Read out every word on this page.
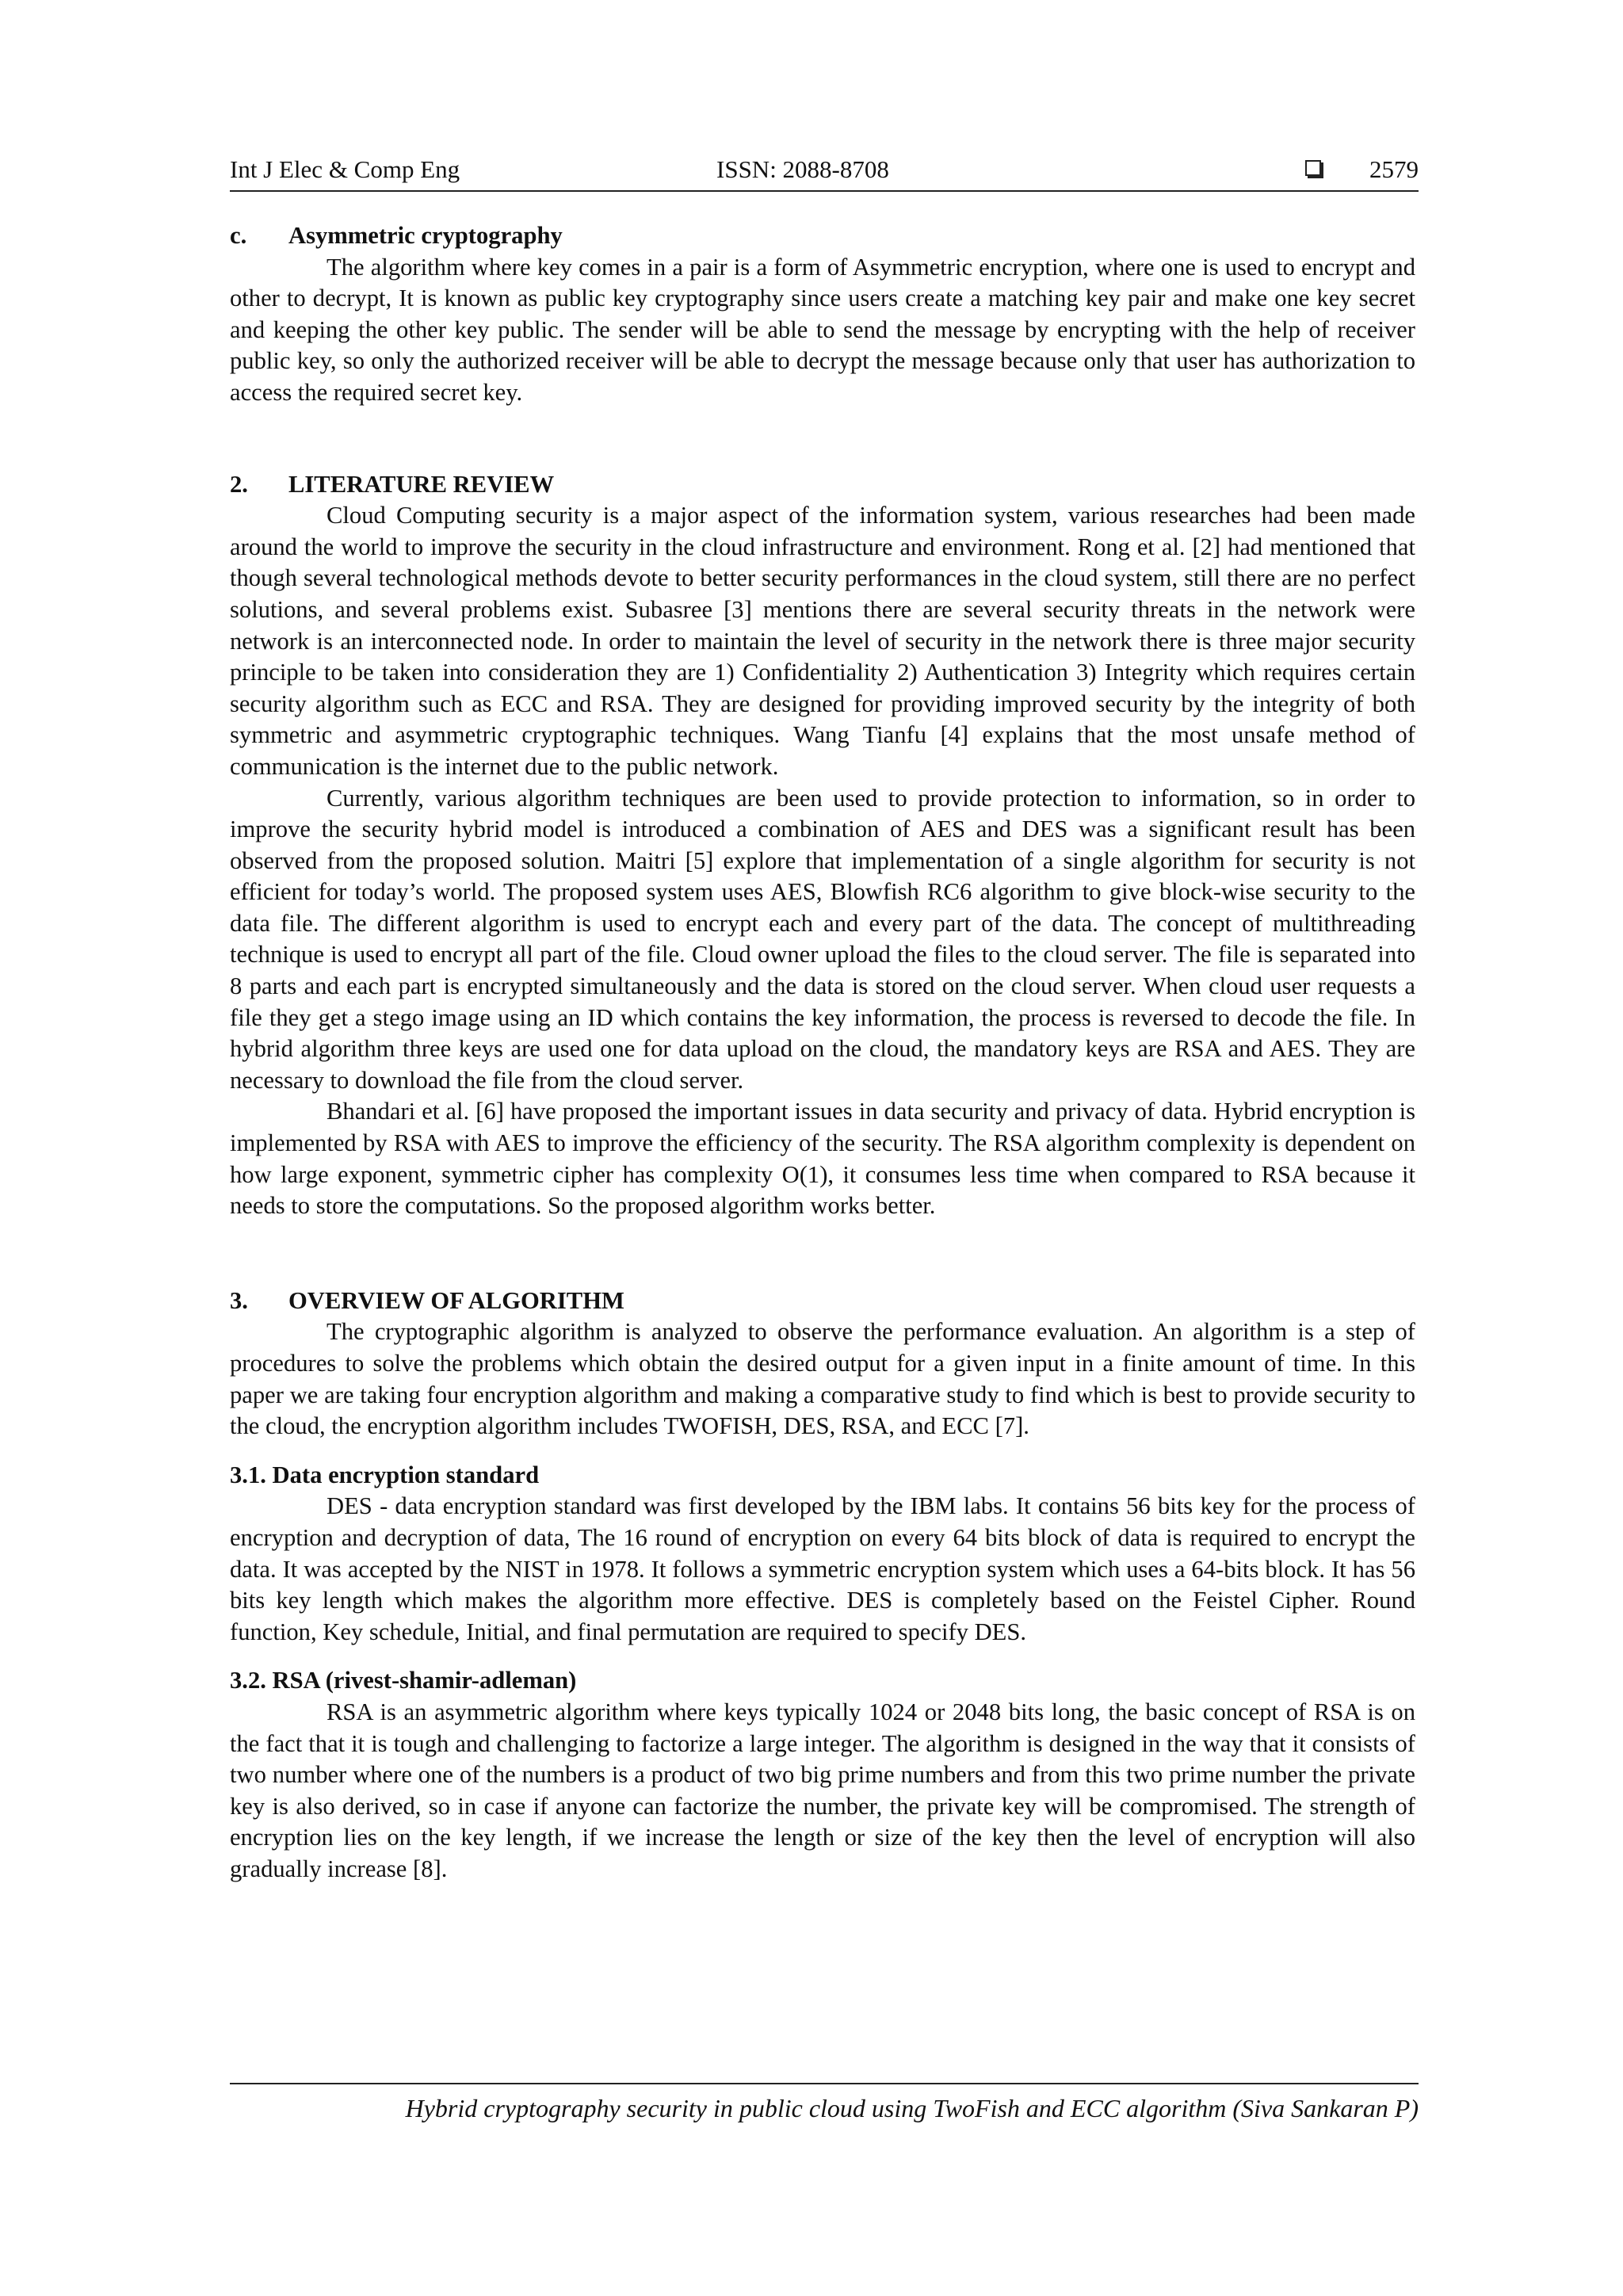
Int J Elec & Comp Eng	ISSN: 2088-8708	2579
c.	Asymmetric cryptography

The algorithm where key comes in a pair is a form of Asymmetric encryption, where one is used to encrypt and other to decrypt, It is known as public key cryptography since users create a matching key pair and make one key secret and keeping the other key public. The sender will be able to send the message by encrypting with the help of receiver public key, so only the authorized receiver will be able to decrypt the message because only that user has authorization to access the required secret key.

2.	LITERATURE REVIEW

Cloud Computing security is a major aspect of the information system, various researches had been made around the world to improve the security in the cloud infrastructure and environment. Rong et al. [2] had mentioned that though several technological methods devote to better security performances in the cloud system, still there are no perfect solutions, and several problems exist. Subasree [3] mentions there are several security threats in the network were network is an interconnected node. In order to maintain the level of security in the network there is three major security principle to be taken into consideration they are 1) Confidentiality 2) Authentication 3) Integrity which requires certain security algorithm such as ECC and RSA. They are designed for providing improved security by the integrity of both symmetric and asymmetric cryptographic techniques. Wang Tianfu [4] explains that the most unsafe method of communication is the internet due to the public network.

Currently, various algorithm techniques are been used to provide protection to information, so in order to improve the security hybrid model is introduced a combination of AES and DES was a significant result has been observed from the proposed solution. Maitri [5] explore that implementation of a single algorithm for security is not efficient for today’s world. The proposed system uses AES, Blowfish RC6 algorithm to give block-wise security to the data file. The different algorithm is used to encrypt each and every part of the data. The concept of multithreading technique is used to encrypt all part of the file. Cloud owner upload the files to the cloud server. The file is separated into 8 parts and each part is encrypted simultaneously and the data is stored on the cloud server. When cloud user requests a file they get a stego image using an ID which contains the key information, the process is reversed to decode the file. In hybrid algorithm three keys are used one for data upload on the cloud, the mandatory keys are RSA and AES. They are necessary to download the file from the cloud server.

Bhandari et al. [6] have proposed the important issues in data security and privacy of data. Hybrid encryption is implemented by RSA with AES to improve the efficiency of the security. The RSA algorithm complexity is dependent on how large exponent, symmetric cipher has complexity O(1), it consumes less time when compared to RSA because it needs to store the computations. So the proposed algorithm works better.

3.	OVERVIEW OF ALGORITHM

The cryptographic algorithm is analyzed to observe the performance evaluation. An algorithm is a step of procedures to solve the problems which obtain the desired output for a given input in a finite amount of time. In this paper we are taking four encryption algorithm and making a comparative study to find which is best to provide security to the cloud, the encryption algorithm includes TWOFISH, DES, RSA, and ECC [7].

3.1. Data encryption standard

DES - data encryption standard was first developed by the IBM labs. It contains 56 bits key for the process of encryption and decryption of data, The 16 round of encryption on every 64 bits block of data is required to encrypt the data. It was accepted by the NIST in 1978. It follows a symmetric encryption system which uses a 64-bits block. It has 56 bits key length which makes the algorithm more effective. DES is completely based on the Feistel Cipher. Round function, Key schedule, Initial, and final permutation are required to specify DES.

3.2. RSA (rivest-shamir-adleman)

RSA is an asymmetric algorithm where keys typically 1024 or 2048 bits long, the basic concept of RSA is on the fact that it is tough and challenging to factorize a large integer. The algorithm is designed in the way that it consists of two number where one of the numbers is a product of two big prime numbers and from this two prime number the private key is also derived, so in case if anyone can factorize the number, the private key will be compromised. The strength of encryption lies on the key length, if we increase the length or size of the key then the level of encryption will also gradually increase [8].

Hybrid cryptography security in public cloud using TwoFish and ECC algorithm (Siva Sankaran P)
